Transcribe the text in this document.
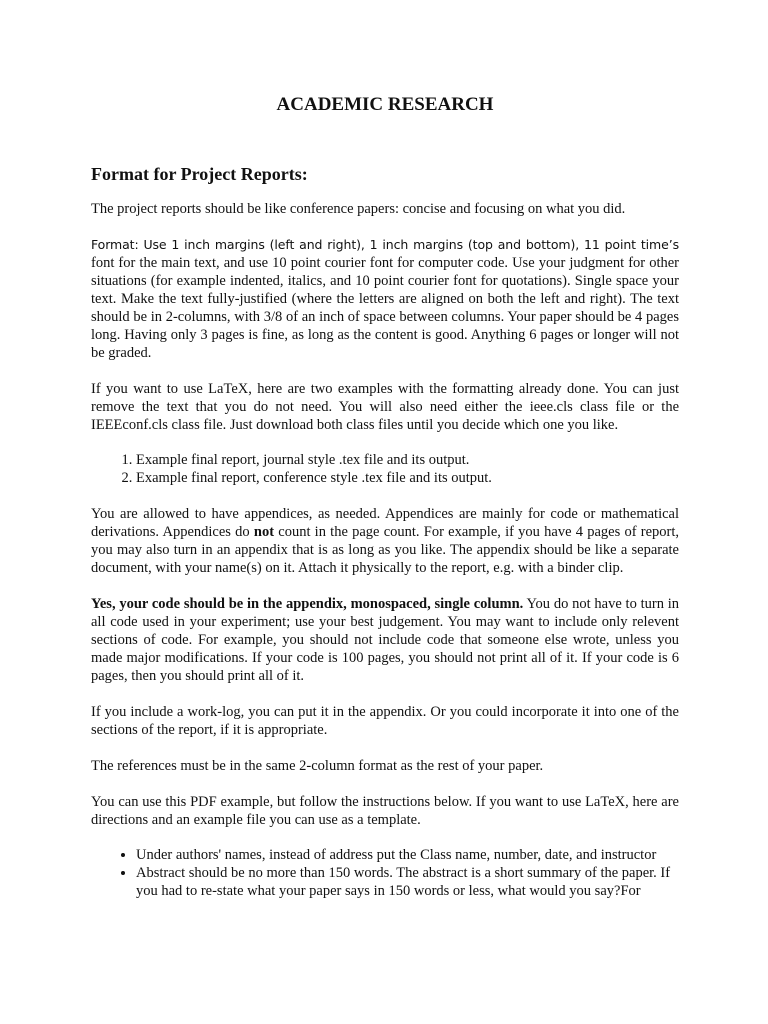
ACADEMIC RESEARCH
Format for Project Reports:

The project reports should be like conference papers: concise and focusing on what you did.

Format: Use 1 inch margins (left and right), 1 inch margins (top and bottom), 11 point time’s font for the main text, and use 10 point courier font for computer code. Use your judgment for other situations (for example indented, italics, and 10 point courier font for quotations). Single space your text. Make the text fully-justified (where the letters are aligned on both the left and right). The text should be in 2-columns, with 3/8 of an inch of space between columns. Your paper should be 4 pages long. Having only 3 pages is fine, as long as the content is good. Anything 6 pages or longer will not be graded.

If you want to use LaTeX, here are two examples with the formatting already done. You can just remove the text that you do not need. You will also need either the ieee.cls class file or the IEEEconf.cls class file. Just download both class files until you decide which one you like.

1. Example final report, journal style .tex file and its output.
2. Example final report, conference style .tex file and its output.

You are allowed to have appendices, as needed. Appendices are mainly for code or mathematical derivations. Appendices do not count in the page count. For example, if you have 4 pages of report, you may also turn in an appendix that is as long as you like. The appendix should be like a separate document, with your name(s) on it. Attach it physically to the report, e.g. with a binder clip.

Yes, your code should be in the appendix, monospaced, single column. You do not have to turn in all code used in your experiment; use your best judgement. You may want to include only relevent sections of code. For example, you should not include code that someone else wrote, unless you made major modifications. If your code is 100 pages, you should not print all of it. If your code is 6 pages, then you should print all of it.

If you include a work-log, you can put it in the appendix. Or you could incorporate it into one of the sections of the report, if it is appropriate.

The references must be in the same 2-column format as the rest of your paper.

You can use this PDF example, but follow the instructions below. If you want to use LaTeX, here are directions and an example file you can use as a template.

• Under authors' names, instead of address put the Class name, number, date, and instructor
• Abstract should be no more than 150 words. The abstract is a short summary of the paper. If you had to re-state what your paper says in 150 words or less, what would you say?For
